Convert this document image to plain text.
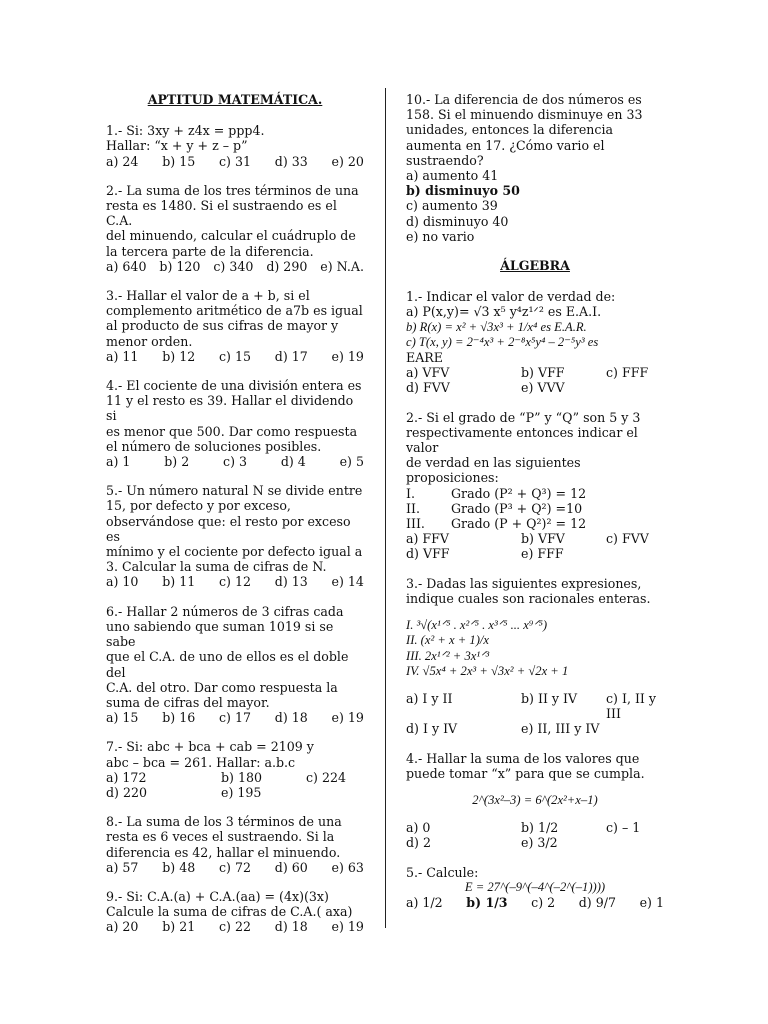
APTITUD MATEMÁTICA.
1.- Si: 3xy + z4x = ppp4.
Hallar: “x + y + z – p”
a) 24 b) 15 c) 31 d) 33 e) 20
2.- La suma de los tres términos de una
resta es 1480. Si el sustraendo es el C.A.
del minuendo, calcular el cuádruplo de
la tercera parte de la diferencia.
a) 640 b) 120 c) 340 d) 290 e) N.A.
3.- Hallar el valor de a + b, si el
complemento aritmético de a7b es igual
al producto de sus cifras de mayor y
menor orden.
a) 11 b) 12 c) 15 d) 17 e) 19
4.- El cociente de una división entera es
11 y el resto es 39. Hallar el dividendo si
es menor que 500. Dar como respuesta
el número de soluciones posibles.
a) 1	b) 2	c) 3	d) 4	e) 5
5.- Un número natural N se divide entre
15, por defecto y por exceso,
observándose que: el resto por exceso es
mínimo y el cociente por defecto igual a
3. Calcular la suma de cifras de N.
a) 10 b) 11 c) 12 d) 13 e) 14
6.- Hallar 2 números de 3 cifras cada
uno sabiendo que suman 1019 si se sabe
que el C.A. de uno de ellos es el doble del
C.A. del otro. Dar como respuesta la
suma de cifras del mayor.
a) 15 b) 16 c) 17 d) 18 e) 19
7.- Si: abc + bca + cab = 2109 y
abc – bca = 261. Hallar: a.b.c
a) 172	b) 180	c) 224
d) 220	e) 195
8.- La suma de los 3 términos de una
resta es 6 veces el sustraendo. Si la
diferencia es 42, hallar el minuendo.
a) 57 b) 48 c) 72 d) 60 e) 63
9.- Si: C.A.(a) + C.A.(aa) = (4x)(3x)
Calcule la suma de cifras de C.A.( axa)
a) 20 b) 21 c) 22 d) 18 e) 19
10.- La diferencia de dos números es
158. Si el minuendo disminuye en 33
unidades, entonces la diferencia
aumenta en 17. ¿Cómo vario el
sustraendo?
a) aumento 41
b) disminuyo 50
c) aumento 39
d) disminuyo 40
e) no vario
ÁLGEBRA
1.- Indicar el valor de verdad de:
a) P(x,y)= √3 x⁵ y⁴z¹ᐟ² es E.A.I.
b) R(x) = x² + √3x³ + 1/x⁴ es E.A.R.
c) T(x, y) = 2⁻⁴x³ + 2⁻⁸x⁵y⁴ – 2⁻⁵y³ es
EARE
a) VFV	b) VFF	c) FFF
d) FVV	e) VVV
2.- Si el grado de “P” y “Q” son 5 y 3
respectivamente entonces indicar el valor
de verdad en las siguientes
proposiciones:
I.	Grado (P² + Q³) = 12
II.	Grado (P³ + Q²) =10
III.	Grado (P + Q²)² = 12
a) FFV	b) VFV	c) FVV
d) VFF	e) FFF
3.- Dadas las siguientes expresiones,
indique cuales son racionales enteras.
I. ³√(x¹ᐟ⁵ . x²ᐟ⁵ . x³ᐟ⁵ ... x⁹ᐟ⁵)
II. (x² + x + 1)/x
III. 2x¹ᐟ² + 3x¹ᐟ³
IV. √5x⁴ + 2x³ + √3x² + √2x + 1
a) I y II	b) II y IV	c) I, II y III
d) I y IV	e) II, III y IV
4.- Hallar la suma de los valores que
puede tomar “x” para que se cumpla.
2^(3x²–3) = 6^(2x²+x–1)
a) 0	b) 1/2	c) – 1
d) 2	e) 3/2
5.- Calcule:
E = 27^(–9^(–4^(–2^(–1))))
a) 1/2 b) 1/3 c) 2 d) 9/7 e) 1
